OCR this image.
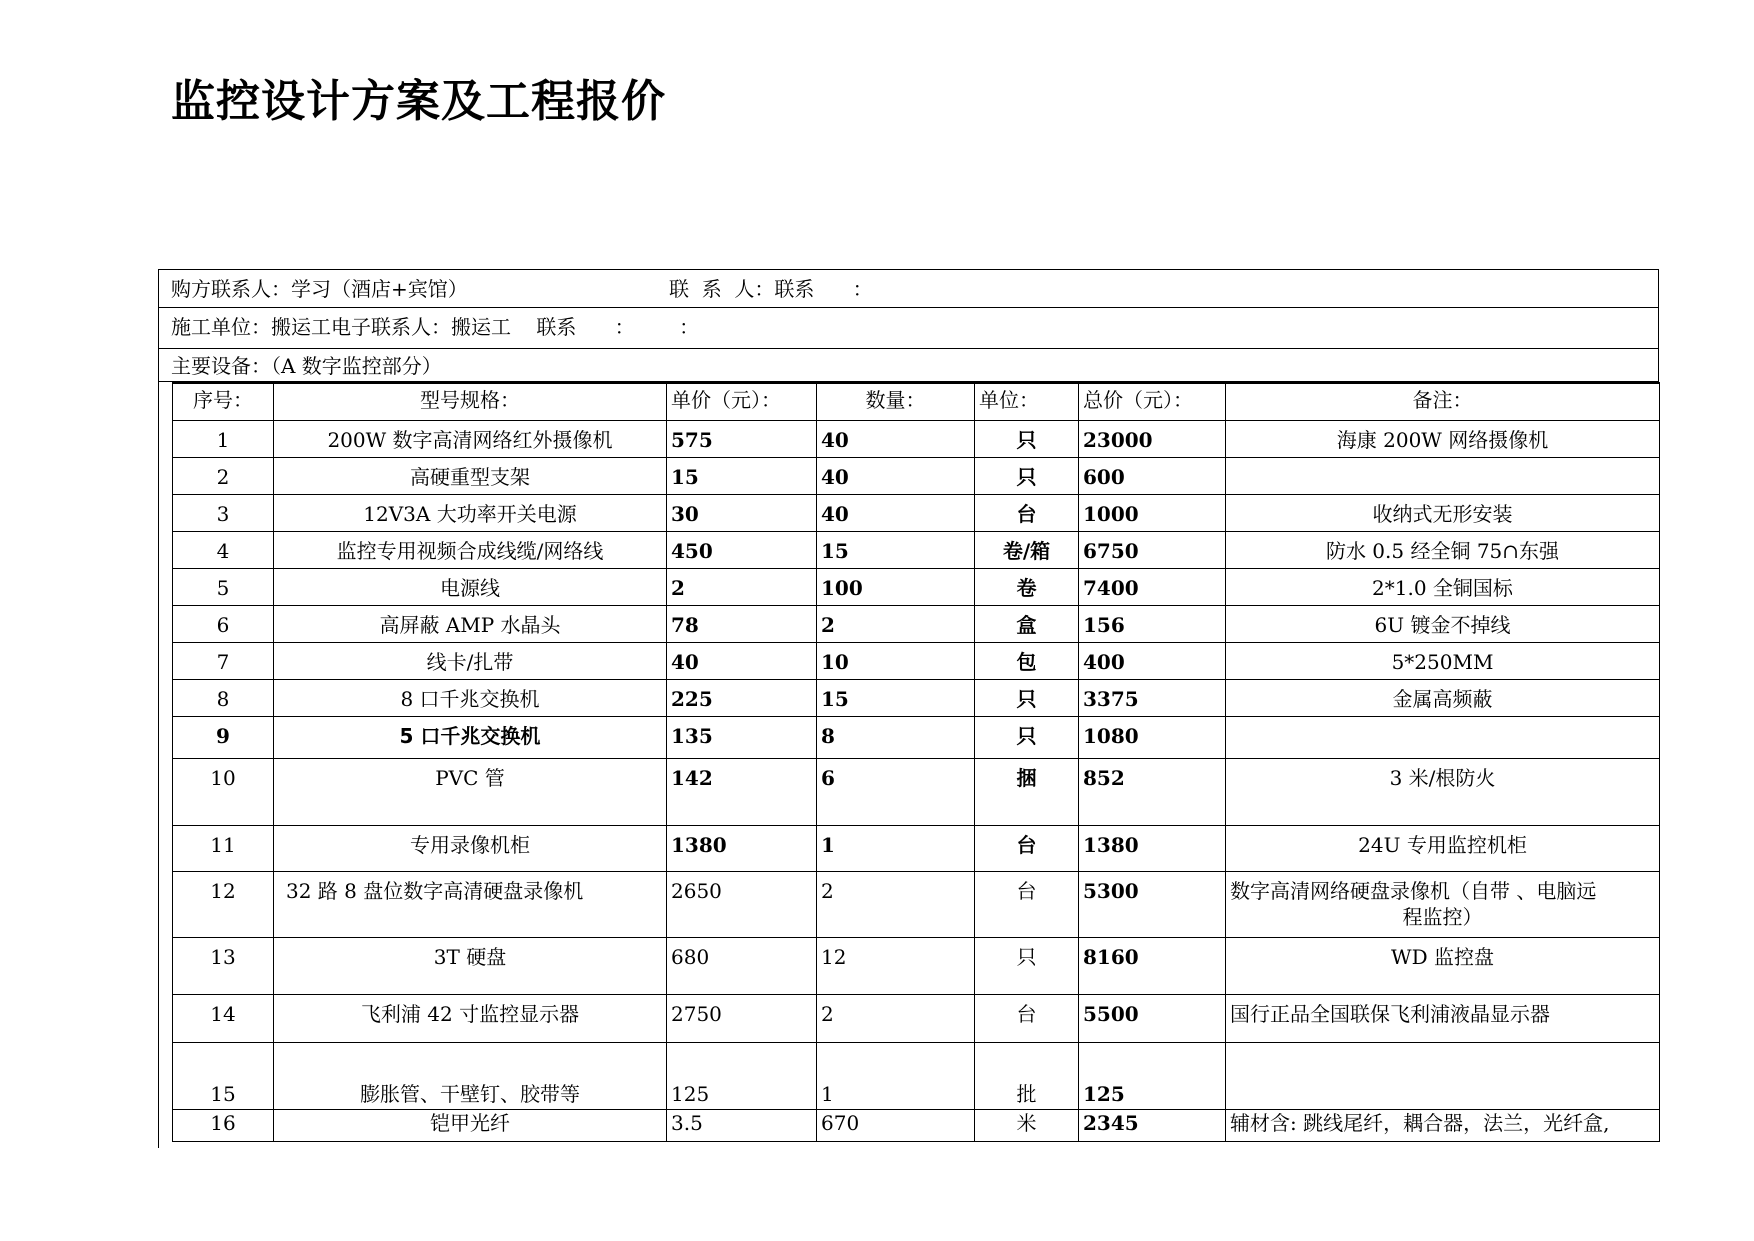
监控设计方案及工程报价
购方联系人：学习（酒店+宾馆）	联  系  人：联系      ：
施工单位：搬运工电子联系人：搬运工    联系      ：       ：
主要设备：（A 数字监控部分）
序号：	型号规格：	单价（元）：	数量：	单位：	总价（元）：	备注：
1	200W 数字高清网络红外摄像机	575	40	只	23000	海康 200W 网络摄像机
2	高硬重型支架	15	40	只	600	
3	12V3A 大功率开关电源	30	40	台	1000	收纳式无形安装
4	监控专用视频合成线缆/网络线	450	15	卷/箱	6750	防水 0.5 经全铜 75∩东强
5	电源线	2	100	卷	7400	2*1.0 全铜国标
6	高屏蔽 AMP 水晶头	78	2	盒	156	6U 镀金不掉线
7	线卡/扎带	40	10	包	400	5*250MM
8	8 口千兆交换机	225	15	只	3375	金属高频蔽
9	5 口千兆交换机	135	8	只	1080	
10	PVC 管	142	6	捆	852	3 米/根防火
11	专用录像机柜	1380	1	台	1380	24U 专用监控机柜
12	32 路 8 盘位数字高清硬盘录像机	2650	2	台	5300	数字高清网络硬盘录像机（自带 、电脑远
程监控）

13	3T 硬盘	680	12	只	8160	WD 监控盘
14	飞利浦 42 寸监控显示器	2750	2	台	5500	国行正品全国联保飞利浦液晶显示器
15	膨胀管、干壁钉、胶带等	125	1	批	125	
16	铠甲光纤	3.5	670	米	2345	辅材含: 跳线尾纤，耦合器，法兰，光纤盒,
